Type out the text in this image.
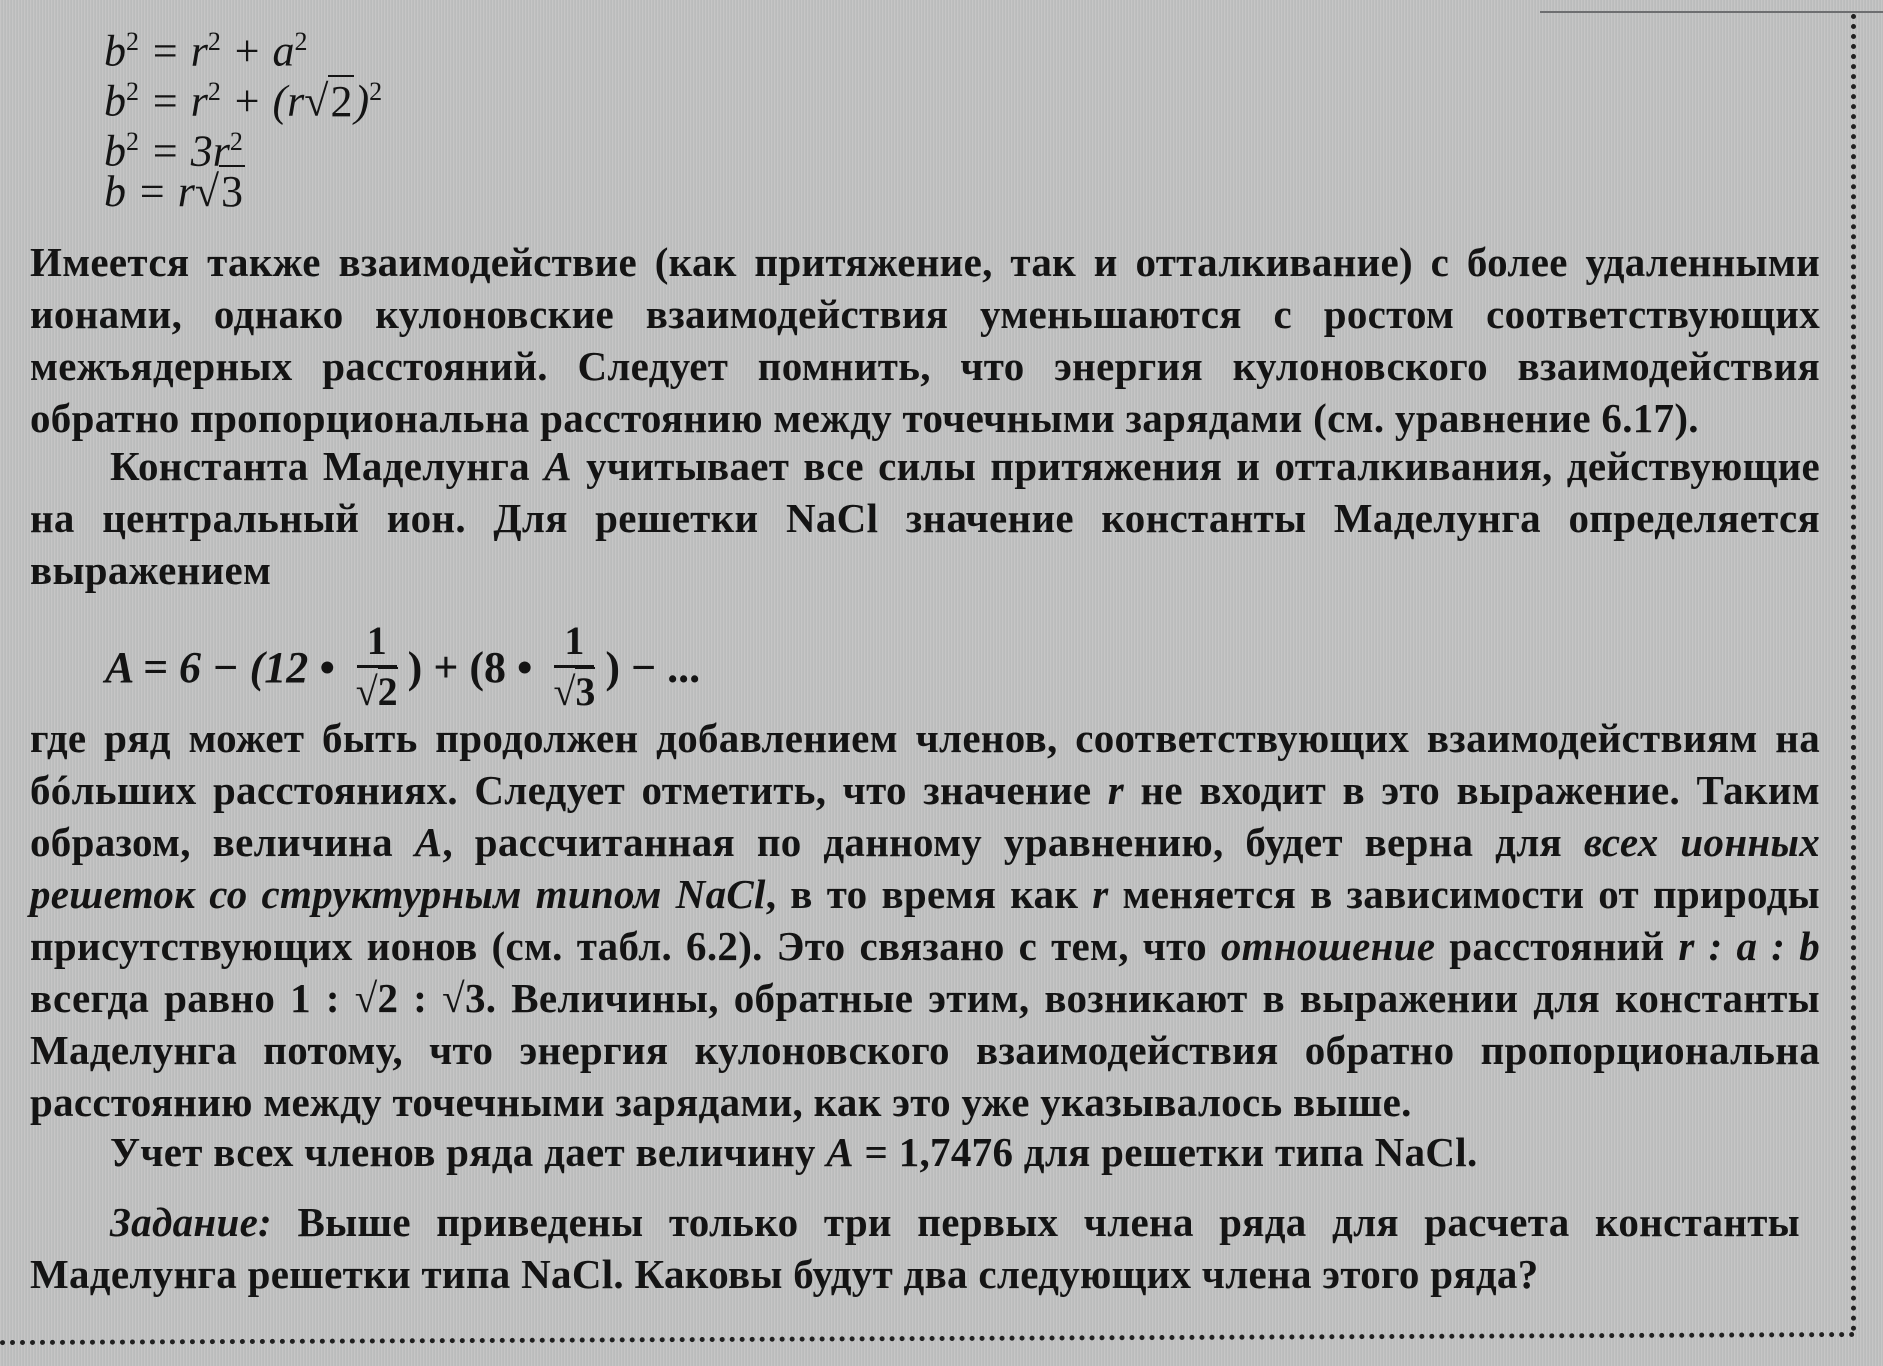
$b^2 = r^2 + a^2$
$b^2 = r^2 + (r√2)^2$
$b^2 = 3r^2$
b = r√3
Имеется также взаимодействие (как притяжение, так и отталкивание) с более удаленными ионами, однако кулоновские взаимодействия уменьшаются с ростом соответствующих межъядерных расстояний. Следует помнить, что энергия кулоновского взаимодействия обратно пропорциональна расстоянию между точечными зарядами (см. уравнение 6.17).
Константа Маделунга A учитывает все силы притяжения и отталкивания, действующие на центральный ион. Для решетки NaCl значение константы Маделунга определяется выражением
A = 6 − (12 • $\frac{1}{√2}$ ) + (8 • $\frac{1}{√3}$ ) − ...
где ряд может быть продолжен добавлением членов, соответствующих взаимодействиям на бóльших расстояниях. Следует отметить, что значение r не входит в это выражение. Таким образом, величина A, рассчитанная по данному уравнению, будет верна для всех ионных решеток со структурным типом NaCl, в то время как r меняется в зависимости от природы присутствующих ионов (см. табл. 6.2). Это связано с тем, что отношение расстояний r : a : b всегда равно 1 : √2 : √3. Величины, обратные этим, возникают в выражении для константы Маделунга потому, что энергия кулоновского взаимодействия обратно пропорциональна расстоянию между точечными зарядами, как это уже указывалось выше.
Учет всех членов ряда дает величину A = 1,7476 для решетки типа NaCl.
Задание: Выше приведены только три первых члена ряда для расчета константы Маделунга решетки типа NaCl. Каковы будут два следующих члена этого ряда?
